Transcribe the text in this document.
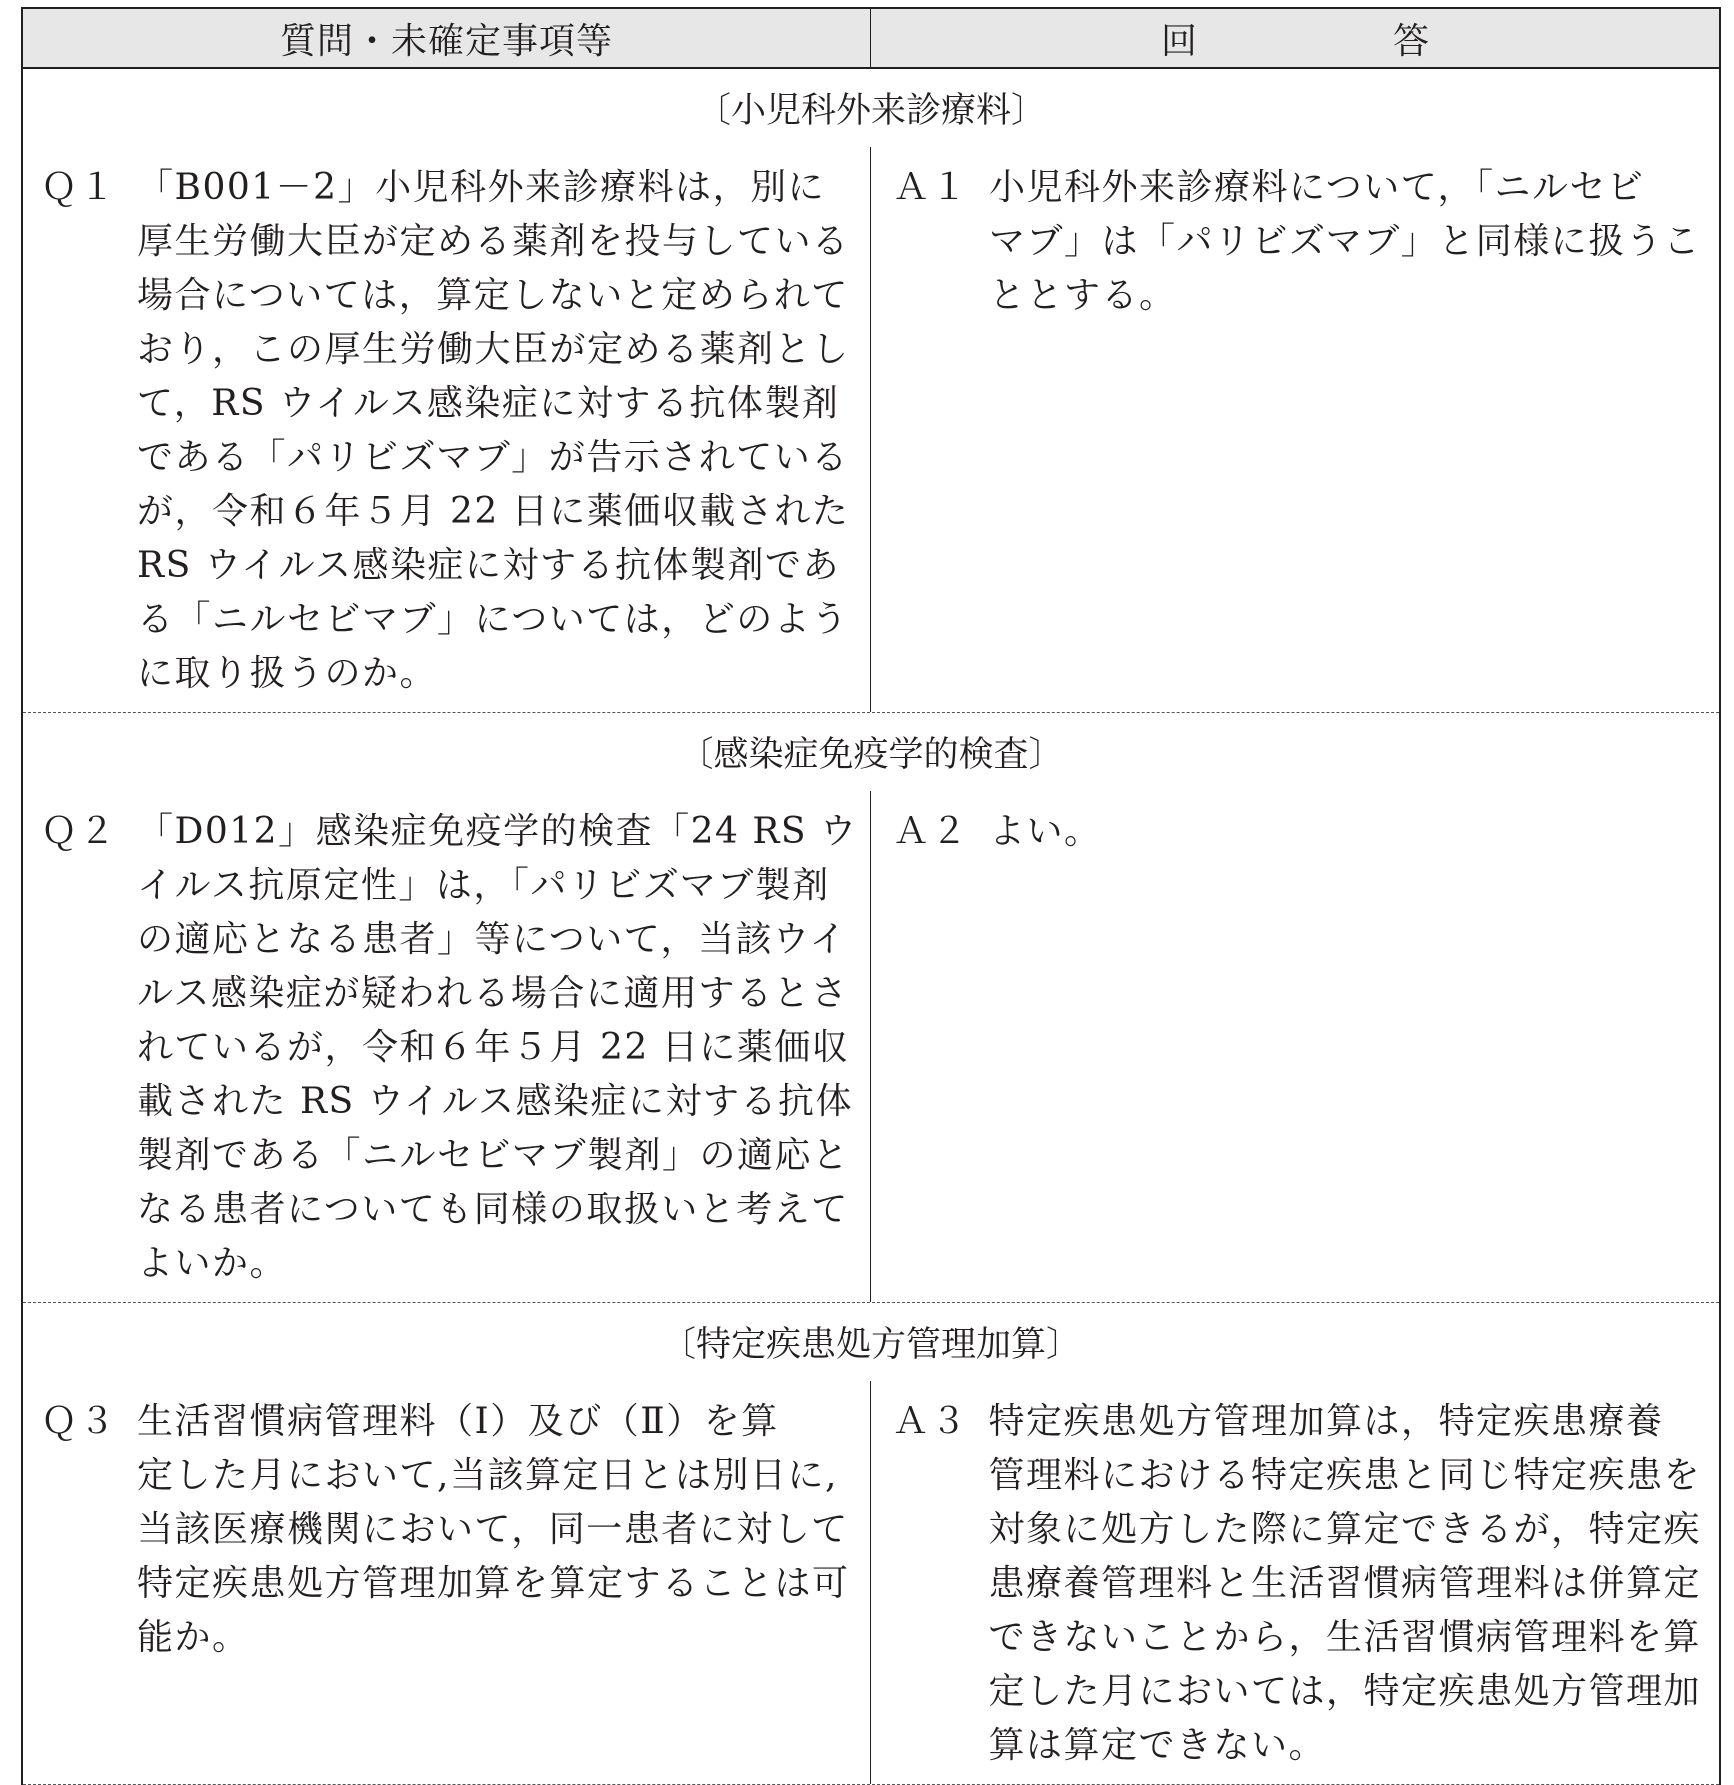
質問・未確定事項等	回　答
〔小児科外来診療料〕
Ｑ１ 「B001－2」小児科外来診療料は，別に
厚生労働大臣が定める薬剤を投与している
場合については，算定しないと定められて
おり，この厚生労働大臣が定める薬剤とし
て，RS ウイルス感染症に対する抗体製剤
である「パリビズマブ」が告示されている
が，令和６年５月 22 日に薬価収載された
RS ウイルス感染症に対する抗体製剤であ
る「ニルセビマブ」については，どのよう
に取り扱うのか。
Ａ１ 小児科外来診療料について，「ニルセビ
マブ」は「パリビズマブ」と同様に扱うこ
ととする。
〔感染症免疫学的検査〕
Ｑ２ 「D012」感染症免疫学的検査「24 RS ウ
イルス抗原定性」は，「パリビズマブ製剤
の適応となる患者」等について，当該ウイ
ルス感染症が疑われる場合に適用するとさ
れているが，令和６年５月 22 日に薬価収
載された RS ウイルス感染症に対する抗体
製剤である「ニルセビマブ製剤」の適応と
なる患者についても同様の取扱いと考えて
よいか。
Ａ２ よい。
〔特定疾患処方管理加算〕
Ｑ３ 生活習慣病管理料（Ⅰ）及び（Ⅱ）を算
定した月において,当該算定日とは別日に,
当該医療機関において，同一患者に対して
特定疾患処方管理加算を算定することは可
能か。
Ａ３ 特定疾患処方管理加算は，特定疾患療養
管理料における特定疾患と同じ特定疾患を
対象に処方した際に算定できるが，特定疾
患療養管理料と生活習慣病管理料は併算定
できないことから，生活習慣病管理料を算
定した月においては，特定疾患処方管理加
算は算定できない。
